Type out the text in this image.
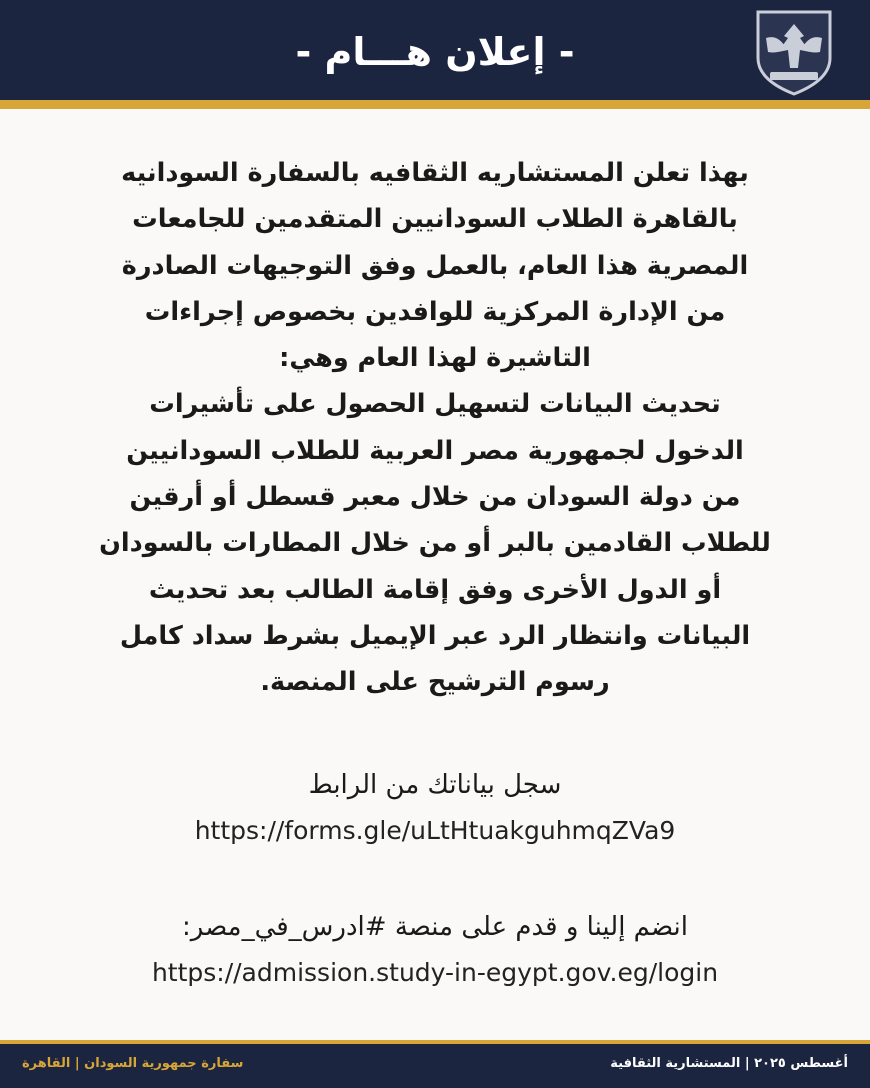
- إعلان هـــام -
بهذا تعلن المستشاريه الثقافيه بالسفارة السودانيه
بالقاهرة الطلاب السودانيين المتقدمين للجامعات
المصرية هذا العام، بالعمل وفق التوجيهات الصادرة
من الإدارة المركزية للوافدين بخصوص إجراءات
التاشيرة لهذا العام وهي:
تحديث البيانات لتسهيل الحصول على تأشيرات
الدخول لجمهورية مصر العربية للطلاب السودانيين
من دولة السودان من خلال معبر قسطل أو أرقين
للطلاب القادمين بالبر أو من خلال المطارات بالسودان
أو الدول الأخرى وفق إقامة الطالب بعد تحديث
البيانات وانتظار الرد عبر الإيميل بشرط سداد كامل
رسوم الترشيح على المنصة.
سجل بياناتك من الرابط
https://forms.gle/uLtHtuakguhmqZVa9
انضم إلينا و قدم على منصة #ادرس_في_مصر:
https://admission.study-in-egypt.gov.eg/login
سفارة جمهورية السودان | القاهرة	أغسطس ٢٠٢٥ | المستشارية الثقافية
